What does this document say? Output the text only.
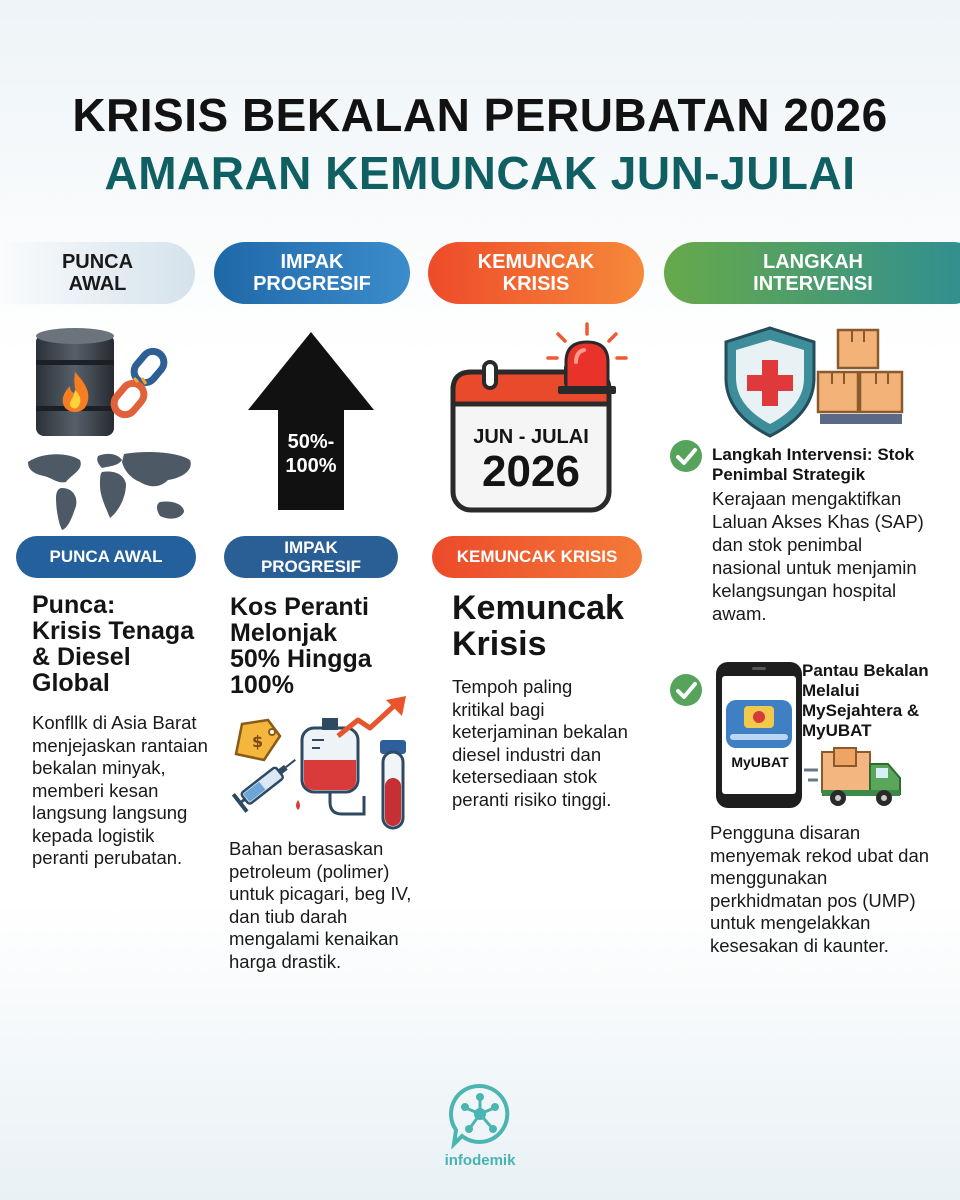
KRISIS BEKALAN PERUBATAN 2026
AMARAN KEMUNCAK JUN-JULAI
PUNCA
AWAL
IMPAK
PROGRESIF
KEMUNCAK
KRISIS
LANGKAH
INTERVENSI
50%-
100%
$
JUN - JULAI
2026
MyUBAT
PUNCA AWAL	IMPAK
PROGRESIF
KEMUNCAK KRISIS
Punca:
Krisis Tenaga
& Diesel
Global
Kos Peranti
Melonjak
50% Hingga
100%
Kemuncak
Krisis
Konfllk di Asia Barat menjejaskan rantaian bekalan minyak, memberi kesan langsung langsung kepada logistik peranti perubatan.	Bahan berasaskan petroleum (polimer) untuk picagari, beg IV, dan tiub darah mengalami kenaikan harga drastik.
Tempoh paling kritikal bagi keterjaminan bekalan diesel industri dan ketersediaan stok peranti risiko tinggi.
Langkah Intervensi: Stok Penimbal Strategik
Kerajaan mengaktifkan Laluan Akses Khas (SAP) dan stok penimbal nasional untuk menjamin kelangsungan hospital awam.
Pantau Bekalan Melalui MySejahtera & MyUBAT
Pengguna disaran menyemak rekod ubat dan menggunakan perkhidmatan pos (UMP) untuk mengelakkan kesesakan di kaunter.
infodemik
